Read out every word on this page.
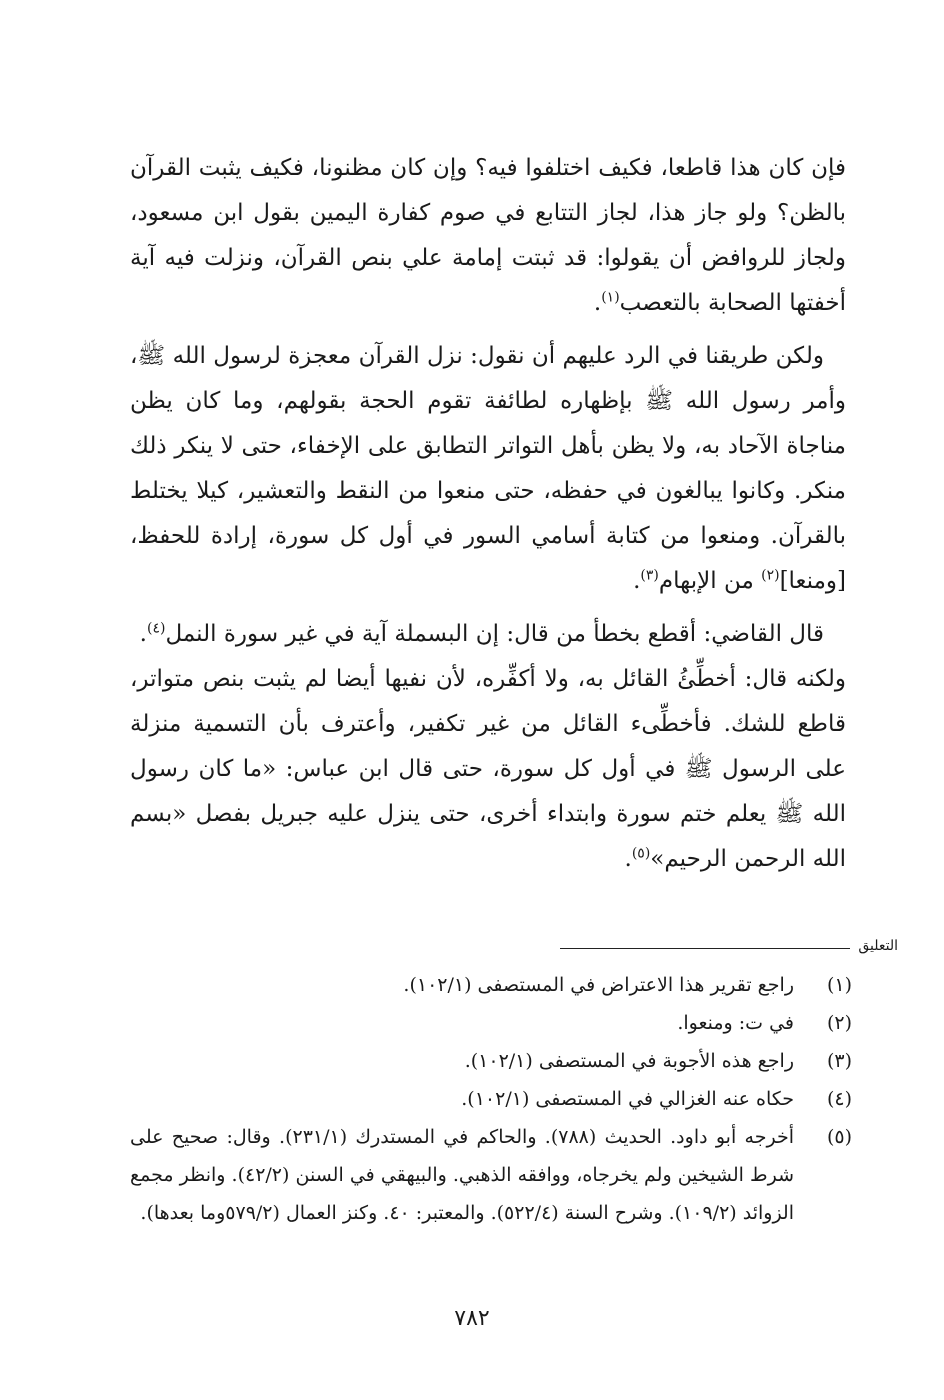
فإن كان هذا قاطعا، فكيف اختلفوا فيه؟ وإن كان مظنونا، فكيف يثبت القرآن بالظن؟ ولو جاز هذا، لجاز التتابع في صوم كفارة اليمين بقول ابن مسعود، ولجاز للروافض أن يقولوا: قد ثبتت إمامة علي بنص القرآن، ونزلت فيه آية أخفتها الصحابة بالتعصب$^{(١)}$.

ولكن طريقنا في الرد عليهم أن نقول: نزل القرآن معجزة لرسول الله ﷺ، وأمر رسول الله ﷺ بإظهاره لطائفة تقوم الحجة بقولهم، وما كان يظن مناجاة الآحاد به، ولا يظن بأهل التواتر التطابق على الإخفاء، حتى لا ينكر ذلك منكر. وكانوا يبالغون في حفظه، حتى منعوا من النقط والتعشير، كيلا يختلط بالقرآن. ومنعوا من كتابة أسامي السور في أول كل سورة، إرادة للحفظ، [ومنعا]$^{(٢)}$ من الإبهام$^{(٣)}$.

قال القاضي: أقطع بخطأ من قال: إن البسملة آية في غير سورة النمل$^{(٤)}$.

ولكنه قال: أخطِّئُ القائل به، ولا أكفِّره، لأن نفيها أيضا لم يثبت بنص متواتر، قاطع للشك. فأخطِّىء القائل من غير تكفير، وأعترف بأن التسمية منزلة على الرسول ﷺ في أول كل سورة، حتى قال ابن عباس: «ما كان رسول الله ﷺ يعلم ختم سورة وابتداء أخرى، حتى ينزل عليه جبريل بفصل «بسم الله الرحمن الرحيم»$^{(٥)}$.

التعليق
(١)
راجع تقرير هذا الاعتراض في المستصفى (١٠٢/١).
(٢)
في ت: ومنعوا.
(٣)
راجع هذه الأجوبة في المستصفى (١٠٢/١).
(٤)
حكاه عنه الغزالي في المستصفى (١٠٢/١).
(٥)
أخرجه أبو داود. الحديث (٧٨٨). والحاكم في المستدرك (٢٣١/١). وقال: صحيح على شرط الشيخين ولم يخرجاه، ووافقه الذهبي. والبيهقي في السنن (٤٢/٢). وانظر مجمع الزوائد (١٠٩/٢). وشرح السنة (٥٢٢/٤). والمعتبر: ٤٠. وكنز العمال (٥٧٩/٢وما بعدها).
٧٨٢
